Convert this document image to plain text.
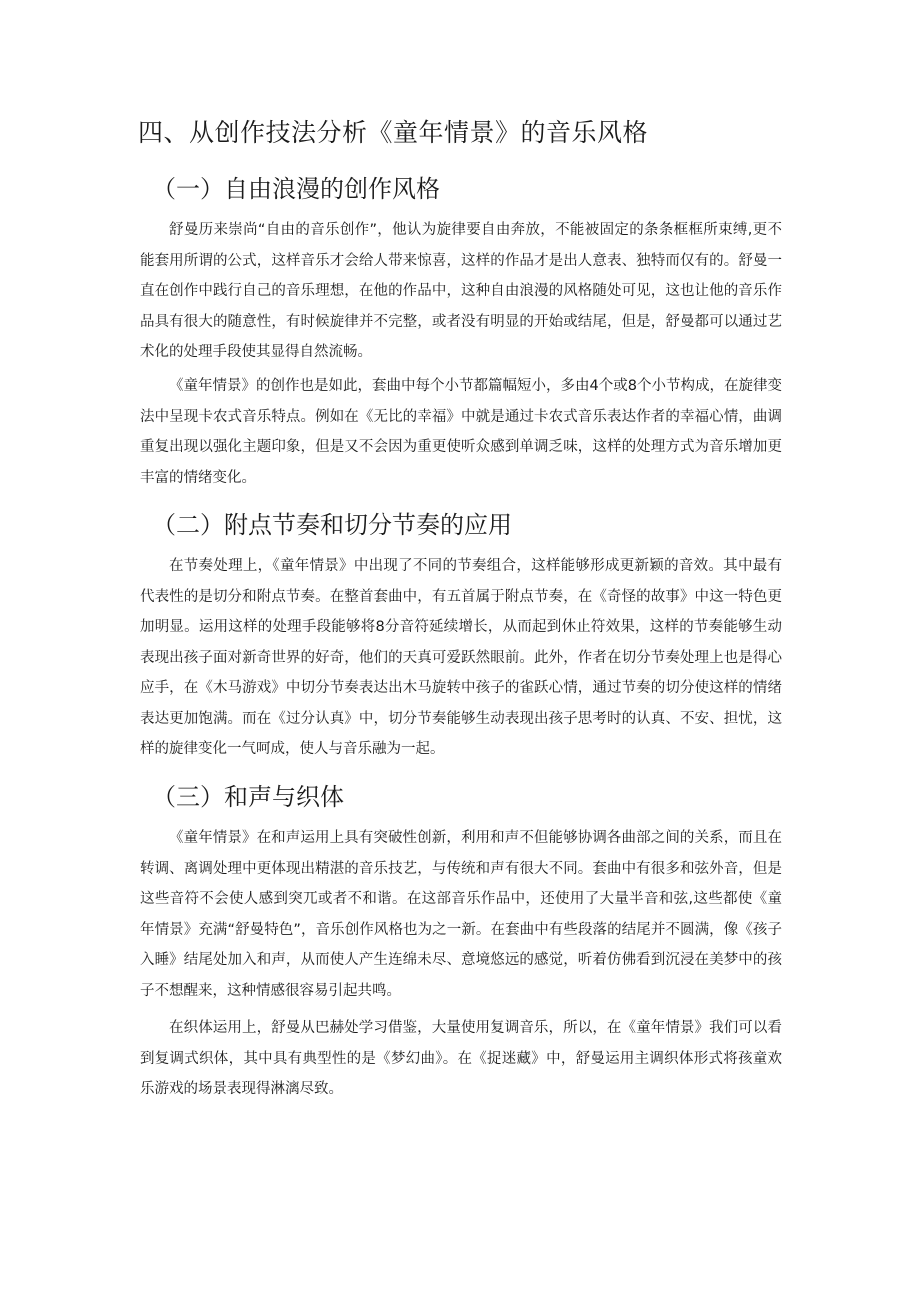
四、从创作技法分析《童年情景》的音乐风格
（一）自由浪漫的创作风格

舒曼历来崇尚“自由的音乐创作”，他认为旋律要自由奔放，不能被固定的条条框框所束缚,更不能套用所谓的公式，这样音乐才会给人带来惊喜，这样的作品才是出人意表、独特而仅有的。舒曼一直在创作中践行自己的音乐理想，在他的作品中，这种自由浪漫的风格随处可见，这也让他的音乐作品具有很大的随意性，有时候旋律并不完整，或者没有明显的开始或结尾，但是，舒曼都可以通过艺术化的处理手段使其显得自然流畅。

《童年情景》的创作也是如此，套曲中每个小节都篇幅短小，多由4个或8个小节构成，在旋律变法中呈现卡农式音乐特点。例如在《无比的幸福》中就是通过卡农式音乐表达作者的幸福心情，曲调重复出现以强化主题印象，但是又不会因为重更使听众感到单调乏味，这样的处理方式为音乐增加更丰富的情绪变化。

（二）附点节奏和切分节奏的应用

在节奏处理上，《童年情景》中出现了不同的节奏组合，这样能够形成更新颖的音效。其中最有代表性的是切分和附点节奏。在整首套曲中，有五首属于附点节奏，在《奇怪的故事》中这一特色更加明显。运用这样的处理手段能够将8分音符延续增长，从而起到休止符效果，这样的节奏能够生动表现出孩子面对新奇世界的好奇，他们的天真可爱跃然眼前。此外，作者在切分节奏处理上也是得心应手，在《木马游戏》中切分节奏表达出木马旋转中孩子的雀跃心情，通过节奏的切分使这样的情绪表达更加饱满。而在《过分认真》中，切分节奏能够生动表现出孩子思考时的认真、不安、担忧，这样的旋律变化一气呵成，使人与音乐融为一起。

（三）和声与织体

《童年情景》在和声运用上具有突破性创新，利用和声不但能够协调各曲部之间的关系，而且在转调、离调处理中更体现出精湛的音乐技艺，与传统和声有很大不同。套曲中有很多和弦外音，但是这些音符不会使人感到突兀或者不和谐。在这部音乐作品中，还使用了大量半音和弦,这些都使《童年情景》充满“舒曼特色”，音乐创作风格也为之一新。在套曲中有些段落的结尾并不圆满，像《孩子入睡》结尾处加入和声，从而使人产生连绵未尽、意境悠远的感觉，听着仿佛看到沉浸在美梦中的孩子不想醒来，这种情感很容易引起共鸣。

在织体运用上，舒曼从巴赫处学习借鉴，大量使用复调音乐，所以，在《童年情景》我们可以看到复调式织体，其中具有典型性的是《梦幻曲》。在《捉迷藏》中，舒曼运用主调织体形式将孩童欢乐游戏的场景表现得淋漓尽致。
